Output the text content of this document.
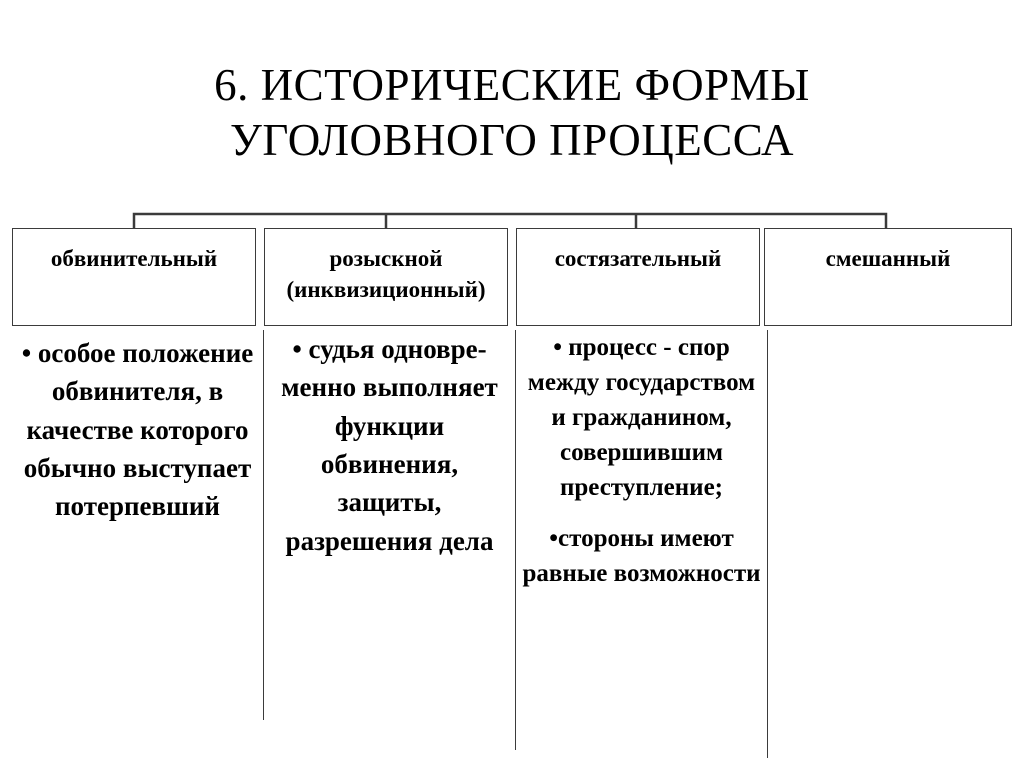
6. ИСТОРИЧЕСКИЕ ФОРМЫ
УГОЛОВНОГО ПРОЦЕССА
обвинительный	розыскной
(инквизиционный)
состязательный	смешанный

• особое положение обвинителя, в качестве которого обычно выступает потерпевший

• судья одновре-менно выполняет функции обвинения, защиты, разрешения дела

• процесс - спор между государством и гражданином, совершившим преступление;

•стороны имеют равные возможности
